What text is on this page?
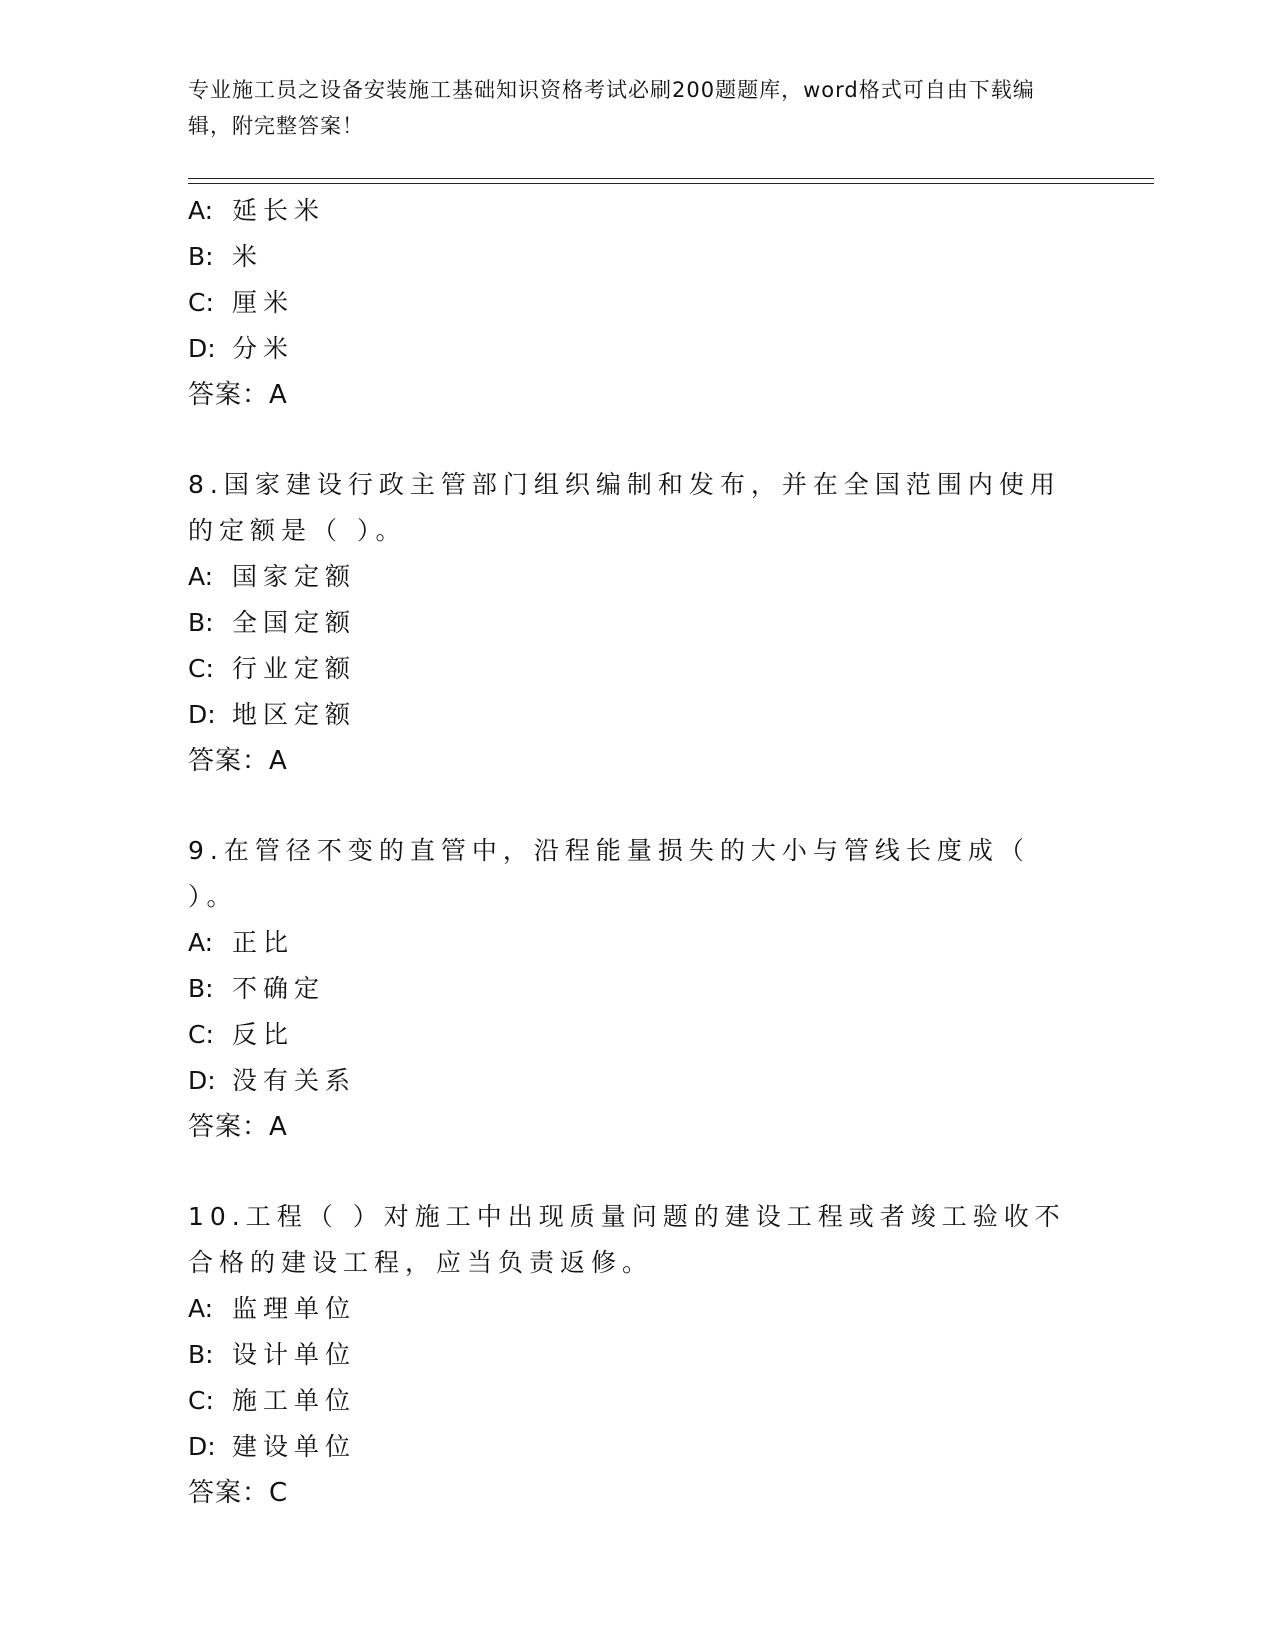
专业施工员之设备安装施工基础知识资格考试必刷200题题库，word格式可自由下载编辑，附完整答案！
A: 延长米
B: 米
C: 厘米
D: 分米
答案：A
8.国家建设行政主管部门组织编制和发布，并在全国范围内使用的定额是（ ）。
A: 国家定额
B: 全国定额
C: 行业定额
D: 地区定额
答案：A
9.在管径不变的直管中，沿程能量损失的大小与管线长度成（ ）。
A: 正比
B: 不确定
C: 反比
D: 没有关系
答案：A
10.工程（ ）对施工中出现质量问题的建设工程或者竣工验收不合格的建设工程，应当负责返修。
A: 监理单位
B: 设计单位
C: 施工单位
D: 建设单位
答案：C
